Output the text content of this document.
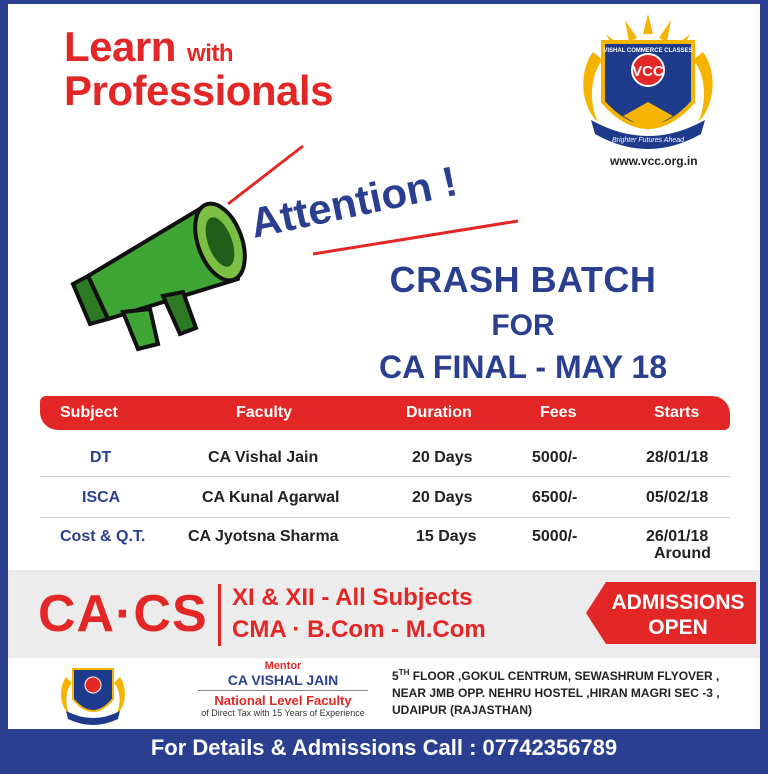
Learn with
Professionals	VCC
Brighter Futures Ahead
VISHAL COMMERCE CLASSES
www.vcc.org.in
Attention !
CRASH BATCH
FOR
CA FINAL - MAY 18
Subject	Faculty	Duration	Fees	Starts
DT	CA Vishal Jain	20 Days	5000/-	28/01/18
ISCA	CA Kunal Agarwal	20 Days	6500/-	05/02/18
Cost & Q.T.	CA Jyotsna Sharma	15 Days	5000/-	26/01/18
Around
CA·CS XI & XII - All Subjects
CMA · B.Com - M.Com
ADMISSIONS
OPEN
Mentor
CA VISHAL JAIN
National Level Faculty
of Direct Tax with 15 Years of Experience
5TH FLOOR ,GOKUL CENTRUM, SEWASHRUM FLYOVER ,
NEAR JMB OPP. NEHRU HOSTEL ,HIRAN MAGRI SEC -3 ,
UDAIPUR (RAJASTHAN)
For Details & Admissions Call : 07742356789
